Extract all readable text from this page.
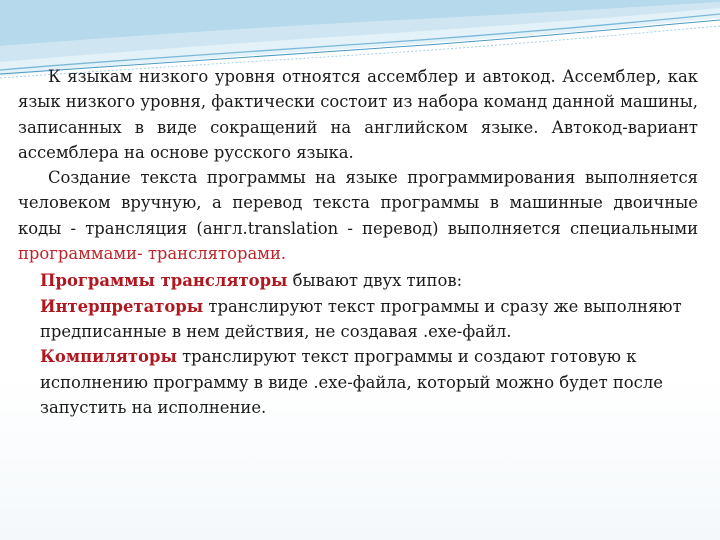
К языкам низкого уровня отноятся ассемблер и автокод. Ассемблер, как язык низкого уровня, фактически состоит из набора команд данной машины, записанных в виде сокращений на английском языке. Автокод-вариант ассемблера на основе русского языка.

Создание текста программы на языке программирования выполняется человеком вручную, а перевод текста программы в машинные двоичные коды - трансляция (англ.translation - перевод) выполняется специальными программами- трансляторами.

Программы трансляторы бывают двух типов:

Интерпретаторы транслируют текст программы и сразу же выполняют предписанные в нем действия, не создавая .exe-файл.

Компиляторы транслируют текст программы и создают готовую к исполнению программу в виде .exe-файла, который можно будет после запустить на исполнение.
